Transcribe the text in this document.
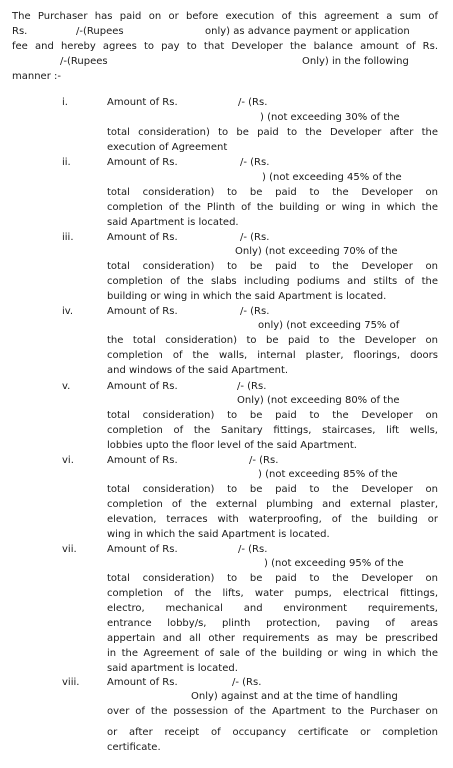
The Purchaser has paid on or before execution of this agreement a sum of
Rs.	/-(Rupees	only) as advance payment or application
fee and hereby agrees to pay to that Developer the balance amount of Rs.
/-(Rupees	Only) in the following
manner :-
i.	Amount of Rs.	/- (Rs.
) (not exceeding 30% of the
total consideration) to be paid to the Developer after the
execution of Agreement
ii.	Amount of Rs.	/- (Rs.
) (not exceeding 45% of the
total consideration) to be paid to the Developer on
completion of the Plinth of the building or wing in which the
said Apartment is located.
iii.	Amount of Rs.	/- (Rs.
Only) (not exceeding 70% of the
total consideration) to be paid to the Developer on
completion of the slabs including podiums and stilts of the
building or wing in which the said Apartment is located.
iv.	Amount of Rs.	/- (Rs.
only) (not exceeding 75% of
the total consideration) to be paid to the Developer on
completion of the walls, internal plaster, floorings, doors
and windows of the said Apartment.
v.	Amount of Rs.	/- (Rs.
Only) (not exceeding 80% of the
total consideration) to be paid to the Developer on
completion of the Sanitary fittings, staircases, lift wells,
lobbies upto the floor level of the said Apartment.
vi.	Amount of Rs.	/- (Rs.
) (not exceeding 85% of the
total consideration) to be paid to the Developer on
completion of the external plumbing and external plaster,
elevation, terraces with waterproofing, of the building or
wing in which the said Apartment is located.
vii.	Amount of Rs.	/- (Rs.
) (not exceeding 95% of the
total consideration) to be paid to the Developer on
completion of the lifts, water pumps, electrical fittings,
electro, mechanical and environment requirements,
entrance lobby/s, plinth protection, paving of areas
appertain and all other requirements as may be prescribed
in the Agreement of sale of the building or wing in which the
said apartment is located.
viii.	Amount of Rs.	/- (Rs.
Only) against and at the time of handling
over of the possession of the Apartment to the Purchaser on
or after receipt of occupancy certificate or completion
certificate.
